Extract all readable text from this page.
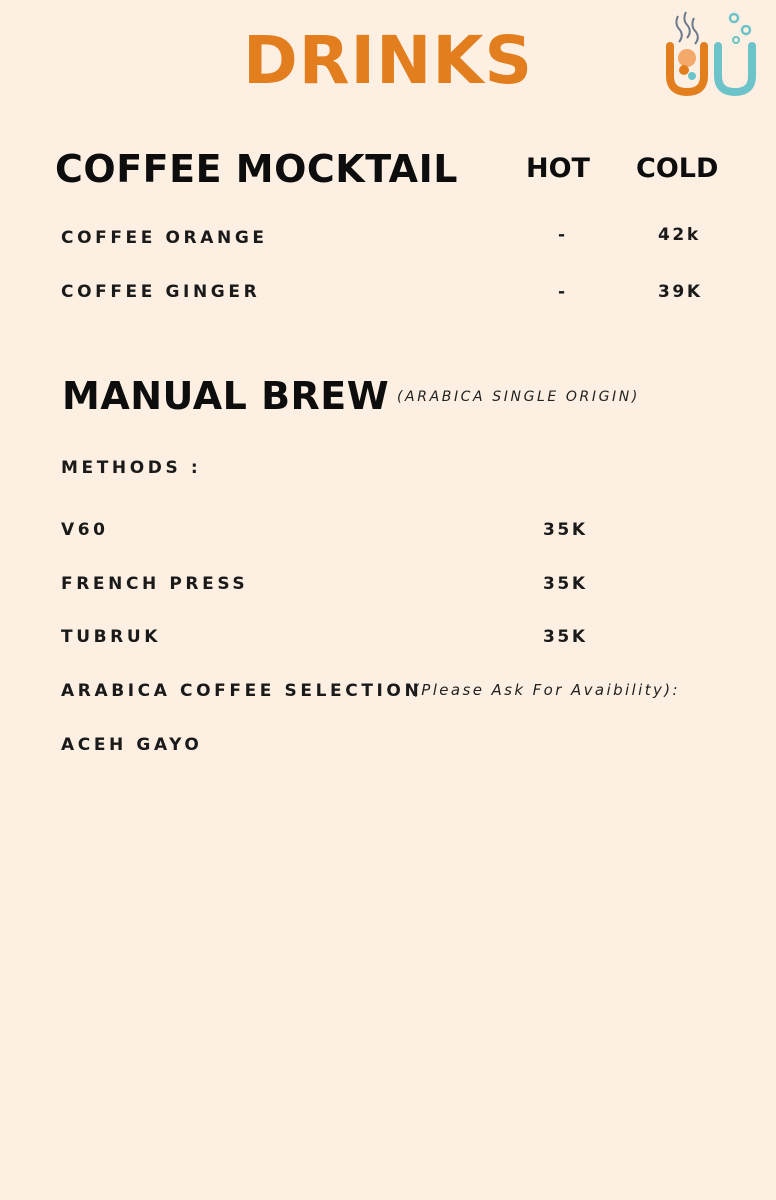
DRINKS
COFFEE MOCKTAIL	HOT COLD
COFFEE ORANGE	-	42k
COFFEE GINGER	-	39K
MANUAL BREW (ARABICA SINGLE ORIGIN)
METHODS :
V60	35K
FRENCH PRESS	35K
TUBRUK	35K
ARABICA COFFEE SELECTION
(Please Ask For Avaibility):
ACEH GAYO
